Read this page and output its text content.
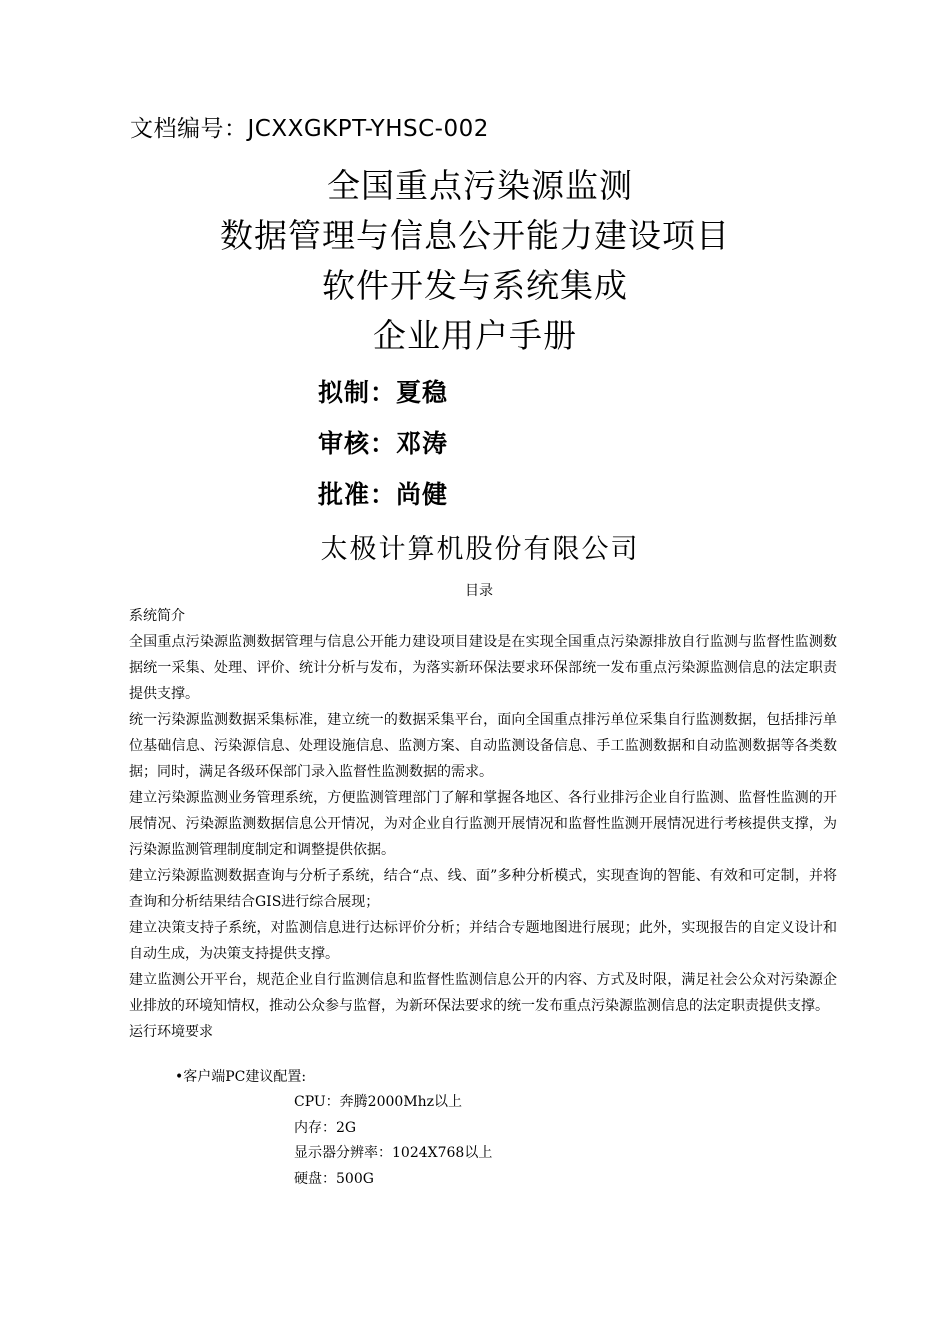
文档编号：JCXXGKPT-YHSC-002
全国重点污染源监测
数据管理与信息公开能力建设项目
软件开发与系统集成
企业用户手册
拟制：夏稳
审核：邓涛
批准：尚健
太极计算机股份有限公司
目录

系统简介

全国重点污染源监测数据管理与信息公开能力建设项目建设是在实现全国重点污染源排放自行监测与监督性监测数据统一采集、处理、评价、统计分析与发布，为落实新环保法要求环保部统一发布重点污染源监测信息的法定职责提供支撑。

统一污染源监测数据采集标准，建立统一的数据采集平台，面向全国重点排污单位采集自行监测数据，包括排污单位基础信息、污染源信息、处理设施信息、监测方案、自动监测设备信息、手工监测数据和自动监测数据等各类数据；同时，满足各级环保部门录入监督性监测数据的需求。

建立污染源监测业务管理系统，方便监测管理部门了解和掌握各地区、各行业排污企业自行监测、监督性监测的开展情况、污染源监测数据信息公开情况，为对企业自行监测开展情况和监督性监测开展情况进行考核提供支撑，为污染源监测管理制度制定和调整提供依据。

建立污染源监测数据查询与分析子系统，结合“点、线、面”多种分析模式，实现查询的智能、有效和可定制，并将查询和分析结果结合GIS进行综合展现；

建立决策支持子系统，对监测信息进行达标评价分析；并结合专题地图进行展现；此外，实现报告的自定义设计和自动生成，为决策支持提供支撑。

建立监测公开平台，规范企业自行监测信息和监督性监测信息公开的内容、方式及时限，满足社会公众对污染源企业排放的环境知情权，推动公众参与监督，为新环保法要求的统一发布重点污染源监测信息的法定职责提供支撑。

运行环境要求

•客户端PC建议配置:
CPU：奔腾2000Mhz以上
内存：2G
显示器分辨率：1024X768以上
硬盘：500G
